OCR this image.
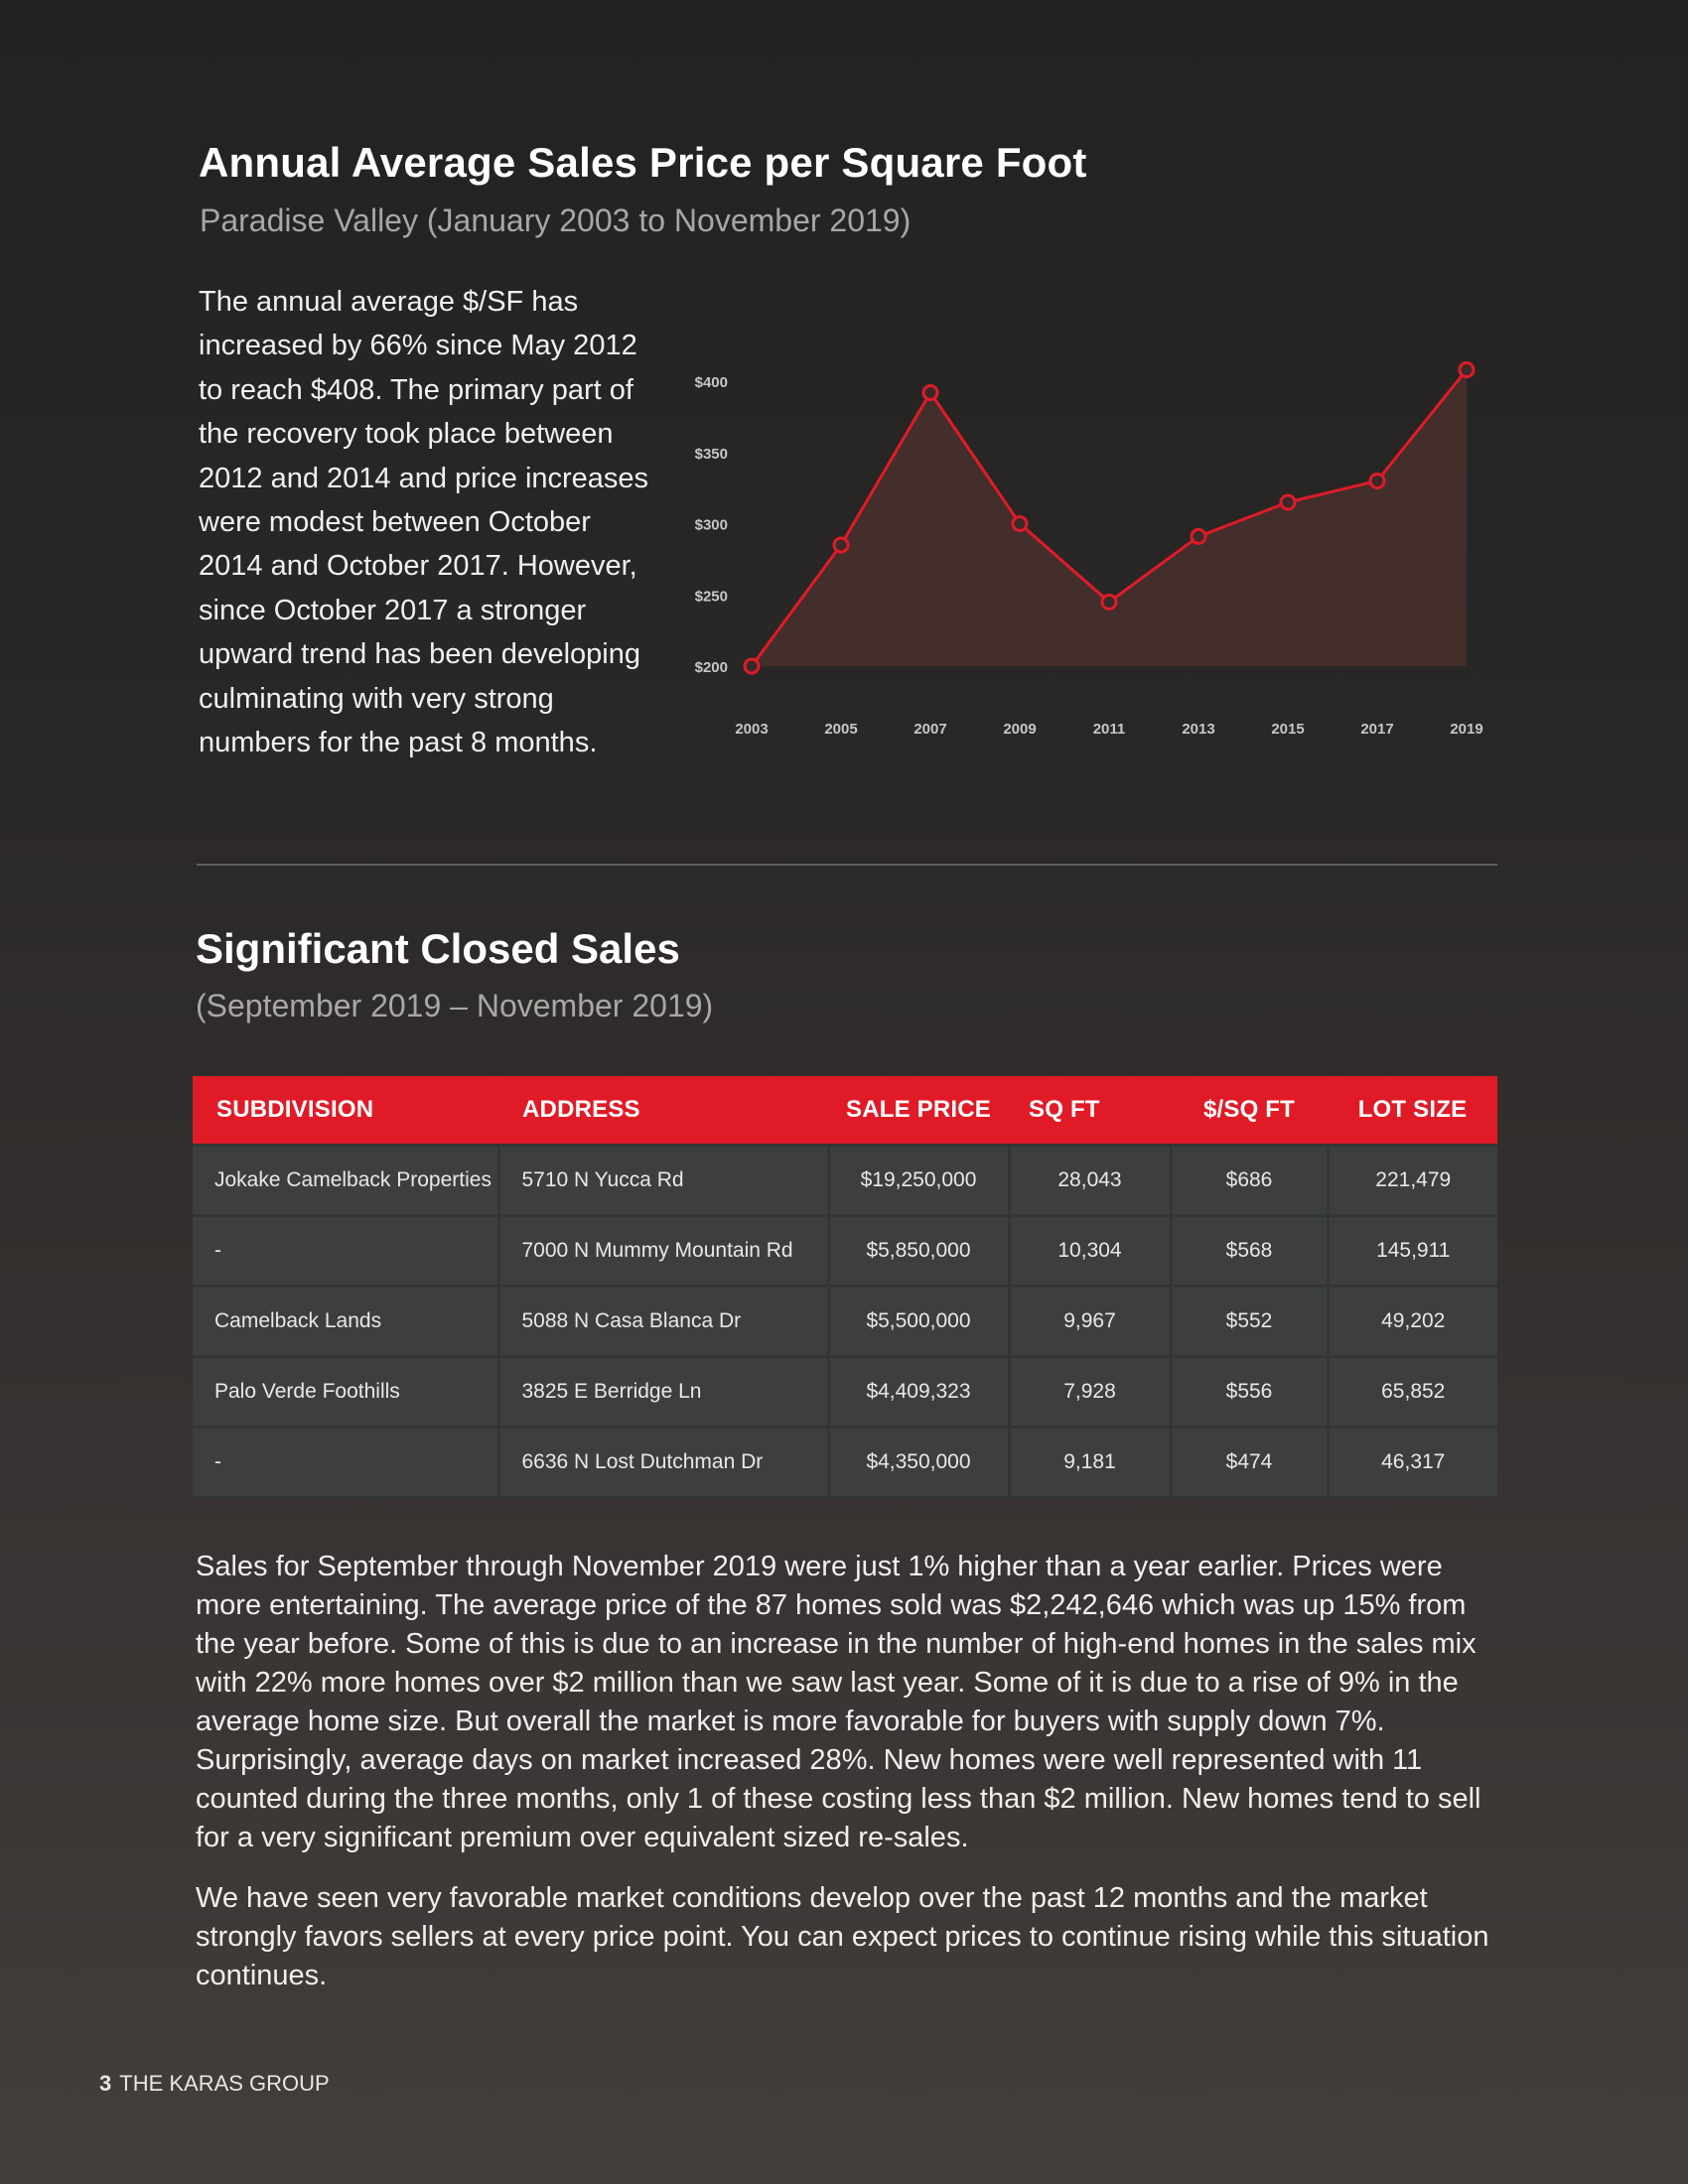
Annual Average Sales Price per Square Foot
Paradise Valley (January 2003 to November 2019)
The annual average $/SF has increased by 66% since May 2012 to reach $408. The primary part of the recovery took place between 2012 and 2014 and price increases were modest between October 2014 and October 2017. However, since October 2017 a stronger upward trend has been developing culminating with very strong numbers for the past 8 months.
$200
$250
$300
$350
$400
2003	2005	2007	2009	2011	2013	2015	2017	2019
Significant Closed Sales
(September 2019 – November 2019)
SUBDIVISION	ADDRESS	SALE PRICE	SQ FT	$/SQ FT	LOT SIZE
Jokake Camelback Properties	5710 N Yucca Rd	$19,250,000	28,043	$686	221,479
-	7000 N Mummy Mountain Rd	$5,850,000	10,304	$568	145,911
Camelback Lands	5088 N Casa Blanca Dr	$5,500,000	9,967	$552	49,202
Palo Verde Foothills	3825 E Berridge Ln	$4,409,323	7,928	$556	65,852
-	6636 N Lost Dutchman Dr	$4,350,000	9,181	$474	46,317
Sales for September through November 2019 were just 1% higher than a year earlier. Prices were more entertaining. The average price of the 87 homes sold was $2,242,646 which was up 15% from the year before. Some of this is due to an increase in the number of high-end homes in the sales mix with 22% more homes over $2 million than we saw last year. Some of it is due to a rise of 9% in the average home size. But overall the market is more favorable for buyers with supply down 7%. Surprisingly, average days on market increased 28%. New homes were well represented with 11 counted during the three months, only 1 of these costing less than $2 million. New homes tend to sell for a very significant premium over equivalent sized re-sales.
We have seen very favorable market conditions develop over the past 12 months and the market strongly favors sellers at every price point. You can expect prices to continue rising while this situation continues.
3 THE KARAS GROUP
